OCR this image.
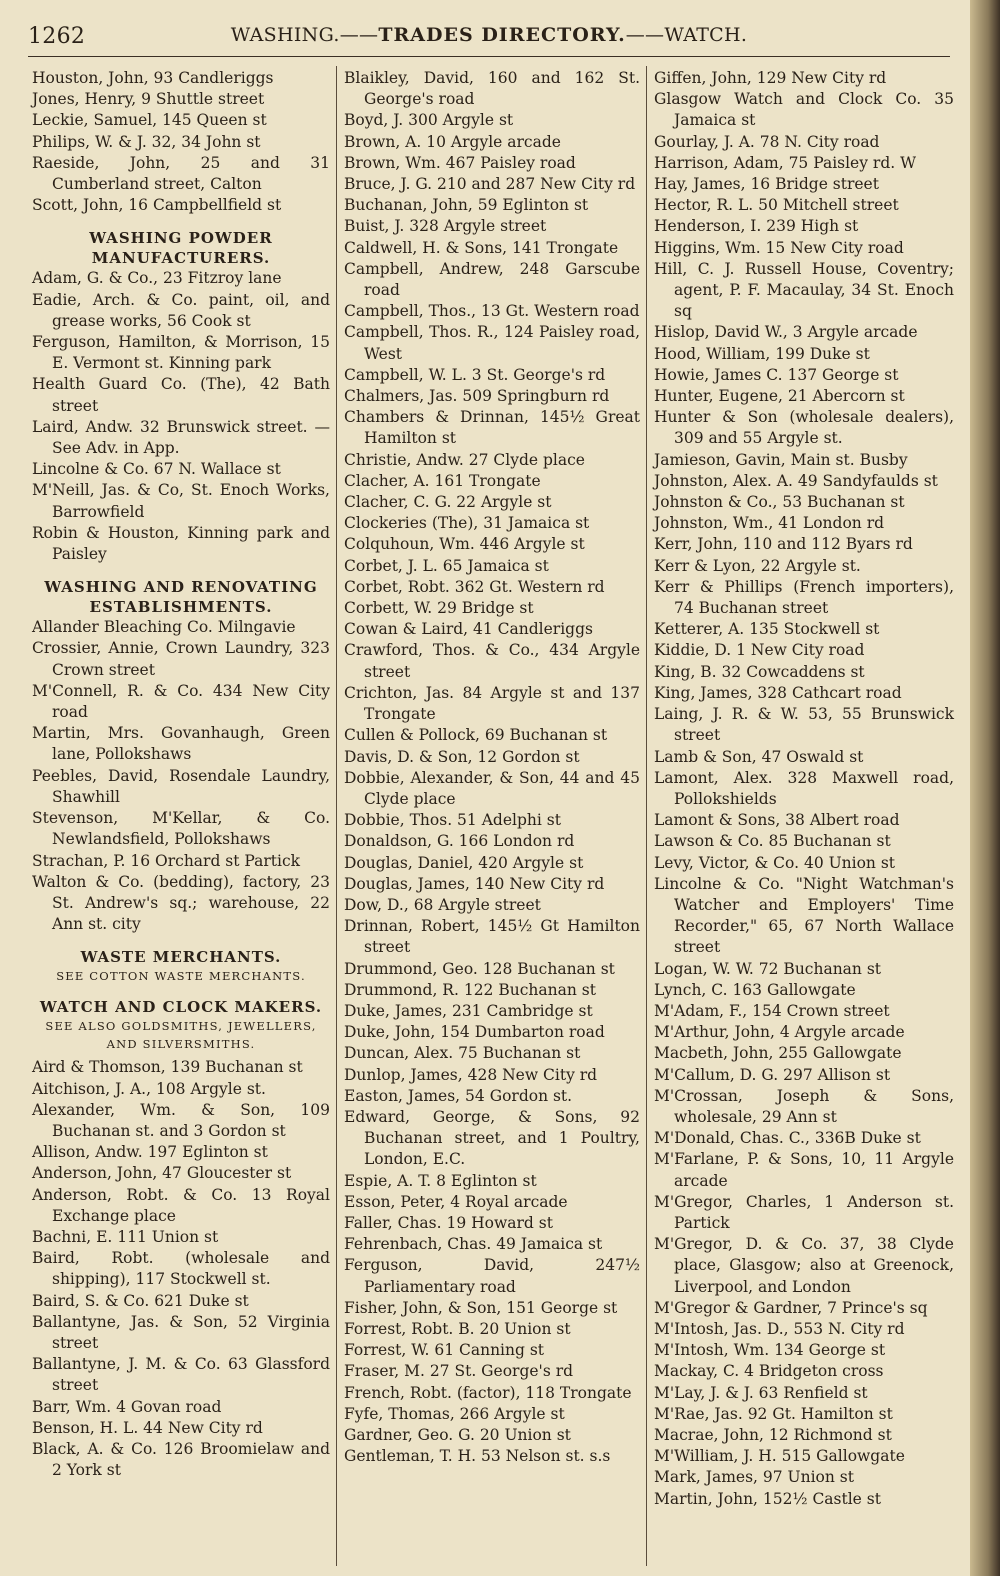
1262	WASHING. —— TRADES DIRECTORY. —— WATCH.
Houston, John, 93 Candleriggs
Jones, Henry, 9 Shuttle street
Leckie, Samuel, 145 Queen st
Philips, W. & J. 32, 34 John st
Raeside, John, 25 and 31 Cumberland street, Calton
Scott, John, 16 Campbellfield st
WASHING POWDER MANUFACTURERS.
Adam, G. & Co., 23 Fitzroy lane
Eadie, Arch. & Co. paint, oil, and grease works, 56 Cook st
Ferguson, Hamilton, & Morrison, 15 E. Vermont st. Kinning park
Health Guard Co. (The), 42 Bath street
Laird, Andw. 32 Brunswick street. —See Adv. in App.
Lincolne & Co. 67 N. Wallace st
M'Neill, Jas. & Co, St. Enoch Works, Barrowfield
Robin & Houston, Kinning park and Paisley
WASHING AND RENOVATING ESTABLISHMENTS.
Allander Bleaching Co. Milngavie
Crossier, Annie, Crown Laundry, 323 Crown street
M'Connell, R. & Co. 434 New City road
Martin, Mrs. Govanhaugh, Green lane, Pollokshaws
Peebles, David, Rosendale Laundry, Shawhill
Stevenson, M'Kellar, & Co. Newlandsfield, Pollokshaws
Strachan, P. 16 Orchard st Partick
Walton & Co. (bedding), factory, 23 St. Andrew's sq.; warehouse, 22 Ann st. city
WASTE MERCHANTS.
SEE COTTON WASTE MERCHANTS.
WATCH AND CLOCK MAKERS.
SEE ALSO GOLDSMITHS, JEWELLERS, AND SILVERSMITHS.
Aird & Thomson, 139 Buchanan st
Aitchison, J. A., 108 Argyle st.
Alexander, Wm. & Son, 109 Buchanan st. and 3 Gordon st
Allison, Andw. 197 Eglinton st
Anderson, John, 47 Gloucester st
Anderson, Robt. & Co. 13 Royal Exchange place
Bachni, E. 111 Union st
Baird, Robt. (wholesale and shipping), 117 Stockwell st.
Baird, S. & Co. 621 Duke st
Ballantyne, Jas. & Son, 52 Virginia street
Ballantyne, J. M. & Co. 63 Glassford street
Barr, Wm. 4 Govan road
Benson, H. L. 44 New City rd
Black, A. & Co. 126 Broomielaw and 2 York st
Blaikley, David, 160 and 162 St. George's road
Boyd, J. 300 Argyle st
Brown, A. 10 Argyle arcade
Brown, Wm. 467 Paisley road
Bruce, J. G. 210 and 287 New City rd
Buchanan, John, 59 Eglinton st
Buist, J. 328 Argyle street
Caldwell, H. & Sons, 141 Trongate
Campbell, Andrew, 248 Garscube road
Campbell, Thos., 13 Gt. Western road
Campbell, Thos. R., 124 Paisley road, West
Campbell, W. L. 3 St. George's rd
Chalmers, Jas. 509 Springburn rd
Chambers & Drinnan, 145½ Great Hamilton st
Christie, Andw. 27 Clyde place
Clacher, A. 161 Trongate
Clacher, C. G. 22 Argyle st
Clockeries (The), 31 Jamaica st
Colquhoun, Wm. 446 Argyle st
Corbet, J. L. 65 Jamaica st
Corbet, Robt. 362 Gt. Western rd
Corbett, W. 29 Bridge st
Cowan & Laird, 41 Candleriggs
Crawford, Thos. & Co., 434 Argyle street
Crichton, Jas. 84 Argyle st and 137 Trongate
Cullen & Pollock, 69 Buchanan st
Davis, D. & Son, 12 Gordon st
Dobbie, Alexander, & Son, 44 and 45 Clyde place
Dobbie, Thos. 51 Adelphi st
Donaldson, G. 166 London rd
Douglas, Daniel, 420 Argyle st
Douglas, James, 140 New City rd
Dow, D., 68 Argyle street
Drinnan, Robert, 145½ Gt Hamilton street
Drummond, Geo. 128 Buchanan st
Drummond, R. 122 Buchanan st
Duke, James, 231 Cambridge st
Duke, John, 154 Dumbarton road
Duncan, Alex. 75 Buchanan st
Dunlop, James, 428 New City rd
Easton, James, 54 Gordon st.
Edward, George, & Sons, 92 Buchanan street, and 1 Poultry, London, E.C.
Espie, A. T. 8 Eglinton st
Esson, Peter, 4 Royal arcade
Faller, Chas. 19 Howard st
Fehrenbach, Chas. 49 Jamaica st
Ferguson, David, 247½ Parliamentary road
Fisher, John, & Son, 151 George st
Forrest, Robt. B. 20 Union st
Forrest, W. 61 Canning st
Fraser, M. 27 St. George's rd
French, Robt. (factor), 118 Trongate
Fyfe, Thomas, 266 Argyle st
Gardner, Geo. G. 20 Union st
Gentleman, T. H. 53 Nelson st. s.s
Giffen, John, 129 New City rd
Glasgow Watch and Clock Co. 35 Jamaica st
Gourlay, J. A. 78 N. City road
Harrison, Adam, 75 Paisley rd. W
Hay, James, 16 Bridge street
Hector, R. L. 50 Mitchell street
Henderson, I. 239 High st
Higgins, Wm. 15 New City road
Hill, C. J. Russell House, Coventry; agent, P. F. Macaulay, 34 St. Enoch sq
Hislop, David W., 3 Argyle arcade
Hood, William, 199 Duke st
Howie, James C. 137 George st
Hunter, Eugene, 21 Abercorn st
Hunter & Son (wholesale dealers), 309 and 55 Argyle st.
Jamieson, Gavin, Main st. Busby
Johnston, Alex. A. 49 Sandyfaulds st
Johnston & Co., 53 Buchanan st
Johnston, Wm., 41 London rd
Kerr, John, 110 and 112 Byars rd
Kerr & Lyon, 22 Argyle st.
Kerr & Phillips (French importers), 74 Buchanan street
Ketterer, A. 135 Stockwell st
Kiddie, D. 1 New City road
King, B. 32 Cowcaddens st
King, James, 328 Cathcart road
Laing, J. R. & W. 53, 55 Brunswick street
Lamb & Son, 47 Oswald st
Lamont, Alex. 328 Maxwell road, Pollokshields
Lamont & Sons, 38 Albert road
Lawson & Co. 85 Buchanan st
Levy, Victor, & Co. 40 Union st
Lincolne & Co. "Night Watchman's Watcher and Employers' Time Recorder," 65, 67 North Wallace street
Logan, W. W. 72 Buchanan st
Lynch, C. 163 Gallowgate
M'Adam, F., 154 Crown street
M'Arthur, John, 4 Argyle arcade
Macbeth, John, 255 Gallowgate
M'Callum, D. G. 297 Allison st
M'Crossan, Joseph & Sons, wholesale, 29 Ann st
M'Donald, Chas. C., 336B Duke st
M'Farlane, P. & Sons, 10, 11 Argyle arcade
M'Gregor, Charles, 1 Anderson st. Partick
M'Gregor, D. & Co. 37, 38 Clyde place, Glasgow; also at Greenock, Liverpool, and London
M'Gregor & Gardner, 7 Prince's sq
M'Intosh, Jas. D., 553 N. City rd
M'Intosh, Wm. 134 George st
Mackay, C. 4 Bridgeton cross
M'Lay, J. & J. 63 Renfield st
M'Rae, Jas. 92 Gt. Hamilton st
Macrae, John, 12 Richmond st
M'William, J. H. 515 Gallowgate
Mark, James, 97 Union st
Martin, John, 152½ Castle st
